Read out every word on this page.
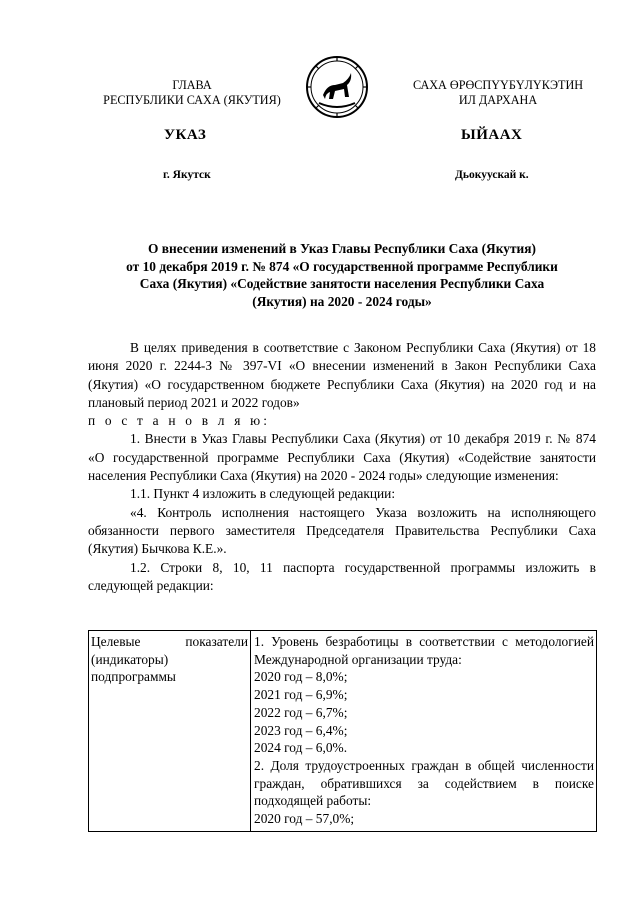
ГЛАВА
РЕСПУБЛИКИ САХА (ЯКУТИЯ)
САХА ӨРӨСПҮҮБҮЛҮКЭТИН
ИЛ ДАРХАНА
УКАЗ	ЫЙААХ
г. Якутск	Дьокуускай к.
О внесении изменений в Указ Главы Республики Саха (Якутия)
от 10 декабря 2019 г. № 874 «О государственной программе Республики
Саха (Якутия) «Содействие занятости населения Республики Саха
(Якутия) на 2020 - 2024 годы»

В целях приведения в соответствие с Законом Республики Саха (Якутия) от 18 июня 2020 г. 2244-З № 397-VI «О внесении изменений в Закон Республики Саха (Якутия) «О государственном бюджете Республики Саха (Якутия) на 2020 год и на плановый период 2021 и 2022 годов»

п о с т а н о в л я ю:

1. Внести в Указ Главы Республики Саха (Якутия) от 10 декабря 2019 г. № 874 «О государственной программе Республики Саха (Якутия) «Содействие занятости населения Республики Саха (Якутия) на 2020 - 2024 годы» следующие изменения:

1.1. Пункт 4 изложить в следующей редакции:

«4. Контроль исполнения настоящего Указа возложить на исполняющего обязанности первого заместителя Председателя Правительства Республики Саха (Якутия) Бычкова К.Е.».

1.2. Строки 8, 10, 11 паспорта государственной программы изложить в следующей редакции:

Целевые показатели (индикаторы) подпрограммы

1. Уровень безработицы в соответствии с методологией Международной организации труда:

2020 год – 8,0%;
2021 год – 6,9%;
2022 год – 6,7%;
2023 год – 6,4%;
2024 год – 6,0%.

2. Доля трудоустроенных граждан в общей численности граждан, обратившихся за содействием в поиске подходящей работы:

2020 год – 57,0%;
